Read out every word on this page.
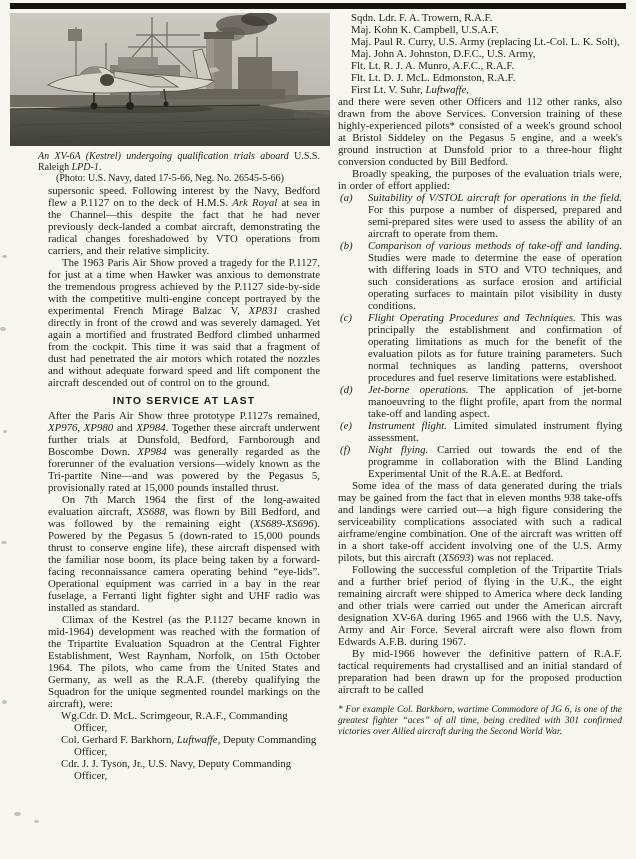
An XV-6A (Kestrel) undergoing qualification trials aboard U.S.S. Raleigh LPD-1.
(Photo: U.S. Navy, dated 17-5-66, Neg. No. 26545-5-66)

supersonic speed. Following interest by the Navy, Bedford flew a P.1127 on to the deck of H.M.S. Ark Royal at sea in the Channel—this despite the fact that he had never previously deck-landed a combat aircraft, demonstrating the radical changes foreshadowed by VTO operations from carriers, and their relative simplicity.

The 1963 Paris Air Show proved a tragedy for the P.1127, for just at a time when Hawker was anxious to demonstrate the tremendous progress achieved by the P.1127 side-by-side with the competitive multi-engine concept portrayed by the experimental French Mirage Balzac V, XP831 crashed directly in front of the crowd and was severely damaged. Yet again a mortified and frustrated Bedford climbed unharmed from the cockpit. This time it was said that a fragment of dust had penetrated the air motors which rotated the nozzles and without adequate forward speed and lift component the aircraft descended out of control on to the ground.

INTO SERVICE AT LAST

After the Paris Air Show three prototype P.1127s remained, XP976, XP980 and XP984. Together these aircraft underwent further trials at Dunsfold, Bedford, Farnborough and Boscombe Down. XP984 was generally regarded as the forerunner of the evaluation versions—widely known as the Tri-partite Nine—and was powered by the Pegasus 5, provisionally rated at 15,000 pounds installed thrust.

On 7th March 1964 the first of the long-awaited evaluation aircraft, XS688, was flown by Bill Bedford, and was followed by the remaining eight (XS689-XS696). Powered by the Pegasus 5 (down-rated to 15,000 pounds thrust to conserve engine life), these aircraft dispensed with the familiar nose boom, its place being taken by a forward-facing reconnaissance camera operating behind “eye-lids”. Operational equipment was carried in a bay in the rear fuselage, a Ferranti light fighter sight and UHF radio was installed as standard.

Climax of the Kestrel (as the P.1127 became known in mid-1964) development was reached with the formation of the Tripartite Evaluation Squadron at the Central Fighter Establishment, West Raynham, Norfolk, on 15th October 1964. The pilots, who came from the United States and Germany, as well as the R.A.F. (thereby qualifying the Squadron for the unique segmented roundel markings on the aircraft), were:

Wg.Cdr. D. McL. Scrimgeour, R.A.F., Commanding Officer,

Col. Gerhard F. Barkhorn, Luftwaffe, Deputy Commanding Officer,

Cdr. J. J. Tyson, Jr., U.S. Navy, Deputy Commanding Officer,

Sqdn. Ldr. F. A. Trowern, R.A.F.

Maj. Kohn K. Campbell, U.S.A.F.

Maj. Paul R. Curry, U.S. Army (replacing Lt.-Col. L. K. Solt),

Maj. John A. Johnston, D.F.C., U.S. Army,

Flt. Lt. R. J. A. Munro, A.F.C., R.A.F.

Flt. Lt. D. J. McL. Edmonston, R.A.F.

First Lt. V. Suhr, Luftwaffe,

and there were seven other Officers and 112 other ranks, also drawn from the above Services. Conversion training of these highly-experienced pilots* consisted of a week's ground school at Bristol Siddeley on the Pegasus 5 engine, and a week's ground instruction at Dunsfold prior to a three-hour flight conversion conducted by Bill Bedford.

Broadly speaking, the purposes of the evaluation trials were, in order of effort applied:

(a) Suitability of V/STOL aircraft for operations in the field. For this purpose a number of dispersed, prepared and semi-prepared sites were used to assess the ability of an aircraft to operate from them.
(b) Comparison of various methods of take-off and landing. Studies were made to determine the ease of operation with differing loads in STO and VTO techniques, and such considerations as surface erosion and artificial operating surfaces to maintain pilot visibility in dusty conditions.
(c) Flight Operating Procedures and Techniques. This was principally the establishment and confirmation of operating limitations as much for the benefit of the evaluation pilots as for future training parameters. Such normal techniques as landing patterns, overshoot procedures and fuel reserve limitations were established.
(d) Jet-borne operations. The application of jet-borne manoeuvring to the flight profile, apart from the normal take-off and landing aspect.
(e) Instrument flight. Limited simulated instrument flying assessment.
(f) Night flying. Carried out towards the end of the programme in collaboration with the Blind Landing Experimental Unit of the R.A.E. at Bedford.

Some idea of the mass of data generated during the trials may be gained from the fact that in eleven months 938 take-offs and landings were carried out—a high figure considering the serviceability complications associated with such a radical airframe/engine combination. One of the aircraft was written off in a short take-off accident involving one of the U.S. Army pilots, but this aircraft (XS693) was not replaced.

Following the successful completion of the Tripartite Trials and a further brief period of flying in the U.K., the eight remaining aircraft were shipped to America where deck landing and other trials were carried out under the American aircraft designation XV-6A during 1965 and 1966 with the U.S. Navy, Army and Air Force. Several aircraft were also flown from Edwards A.F.B. during 1967.

By mid-1966 however the definitive pattern of R.A.F. tactical requirements had crystallised and an initial standard of preparation had been drawn up for the proposed production aircraft to be called

* For example Col. Barkhorn, wartime Commodore of JG 6, is one of the greatest fighter “aces” of all time, being credited with 301 confirmed victories over Allied aircraft during the Second World War.
